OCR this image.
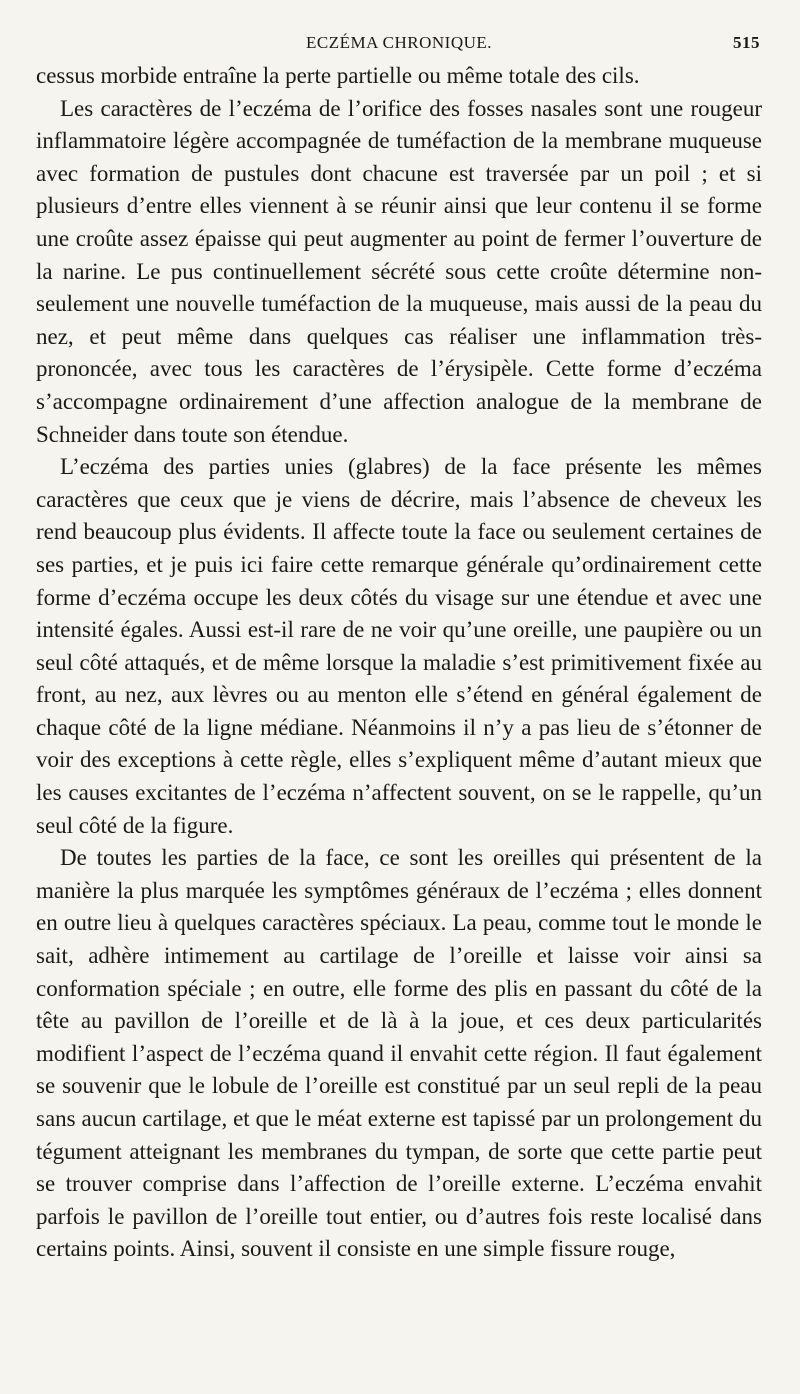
ECZÉMA CHRONIQUE.	515

cessus morbide entraîne la perte partielle ou même totale des cils.

Les caractères de l’eczéma de l’orifice des fosses nasales sont une rougeur inflammatoire légère accompagnée de tuméfaction de la membrane muqueuse avec formation de pustules dont chacune est traversée par un poil ; et si plusieurs d’entre elles viennent à se réunir ainsi que leur contenu il se forme une croûte assez épaisse qui peut augmenter au point de fermer l’ouverture de la narine. Le pus continuellement sécrété sous cette croûte détermine non-seulement une nouvelle tuméfaction de la muqueuse, mais aussi de la peau du nez, et peut même dans quelques cas réaliser une inflammation très-prononcée, avec tous les caractères de l’érysipèle. Cette forme d’eczéma s’accompagne ordinairement d’une affection analogue de la membrane de Schneider dans toute son étendue.

L’eczéma des parties unies (glabres) de la face présente les mêmes caractères que ceux que je viens de décrire, mais l’absence de cheveux les rend beaucoup plus évidents. Il affecte toute la face ou seulement certaines de ses parties, et je puis ici faire cette remarque générale qu’ordinairement cette forme d’eczéma occupe les deux côtés du visage sur une étendue et avec une intensité égales. Aussi est-il rare de ne voir qu’une oreille, une paupière ou un seul côté attaqués, et de même lorsque la maladie s’est primitivement fixée au front, au nez, aux lèvres ou au menton elle s’étend en général également de chaque côté de la ligne médiane. Néanmoins il n’y a pas lieu de s’étonner de voir des exceptions à cette règle, elles s’expliquent même d’autant mieux que les causes excitantes de l’eczéma n’affectent souvent, on se le rappelle, qu’un seul côté de la figure.

De toutes les parties de la face, ce sont les oreilles qui présentent de la manière la plus marquée les symptômes généraux de l’eczéma ; elles donnent en outre lieu à quelques caractères spéciaux. La peau, comme tout le monde le sait, adhère intimement au cartilage de l’oreille et laisse voir ainsi sa conformation spéciale ; en outre, elle forme des plis en passant du côté de la tête au pavillon de l’oreille et de là à la joue, et ces deux particularités modifient l’aspect de l’eczéma quand il envahit cette région. Il faut également se souvenir que le lobule de l’oreille est constitué par un seul repli de la peau sans aucun cartilage, et que le méat externe est tapissé par un prolongement du tégument atteignant les membranes du tympan, de sorte que cette partie peut se trouver comprise dans l’affection de l’oreille externe. L’eczéma envahit parfois le pavillon de l’oreille tout entier, ou d’autres fois reste localisé dans certains points. Ainsi, souvent il consiste en une simple fissure rouge,
